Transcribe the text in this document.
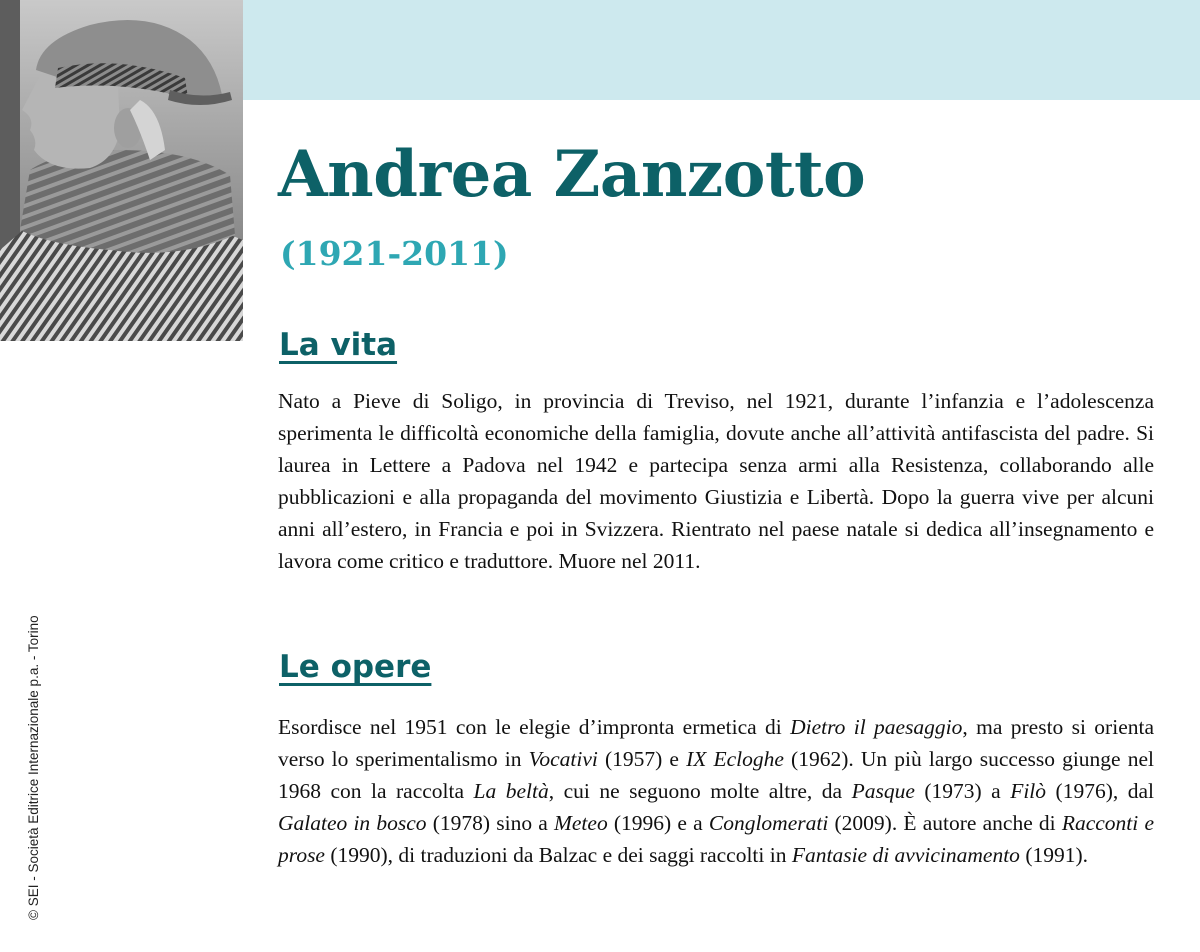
© SEI - Società Editrice Internazionale p.a. - Torino
Andrea Zanzotto
(1921-2011)
La vita

Nato a Pieve di Soligo, in provincia di Treviso, nel 1921, durante l’infanzia e l’adolescenza sperimenta le difficoltà economiche della famiglia, dovute anche all’attività antifascista del padre. Si laurea in Lettere a Padova nel 1942 e partecipa senza armi alla Resistenza, collaborando alle pubblicazioni e alla propaganda del movimento Giustizia e Libertà. Dopo la guerra vive per alcuni anni all’estero, in Francia e poi in Svizzera. Rientrato nel paese natale si dedica all’insegnamento e lavora come critico e traduttore. Muore nel 2011.

Le opere

Esordisce nel 1951 con le elegie d’impronta ermetica di Dietro il paesaggio, ma presto si orienta verso lo sperimentalismo in Vocativi (1957) e IX Ecloghe (1962). Un più largo successo giunge nel 1968 con la raccolta La beltà, cui ne seguono molte altre, da Pasque (1973) a Filò (1976), dal Galateo in bosco (1978) sino a Meteo (1996) e a Conglomerati (2009). È autore anche di Racconti e prose (1990), di traduzioni da Balzac e dei saggi raccolti in Fantasie di avvicinamento (1991).
